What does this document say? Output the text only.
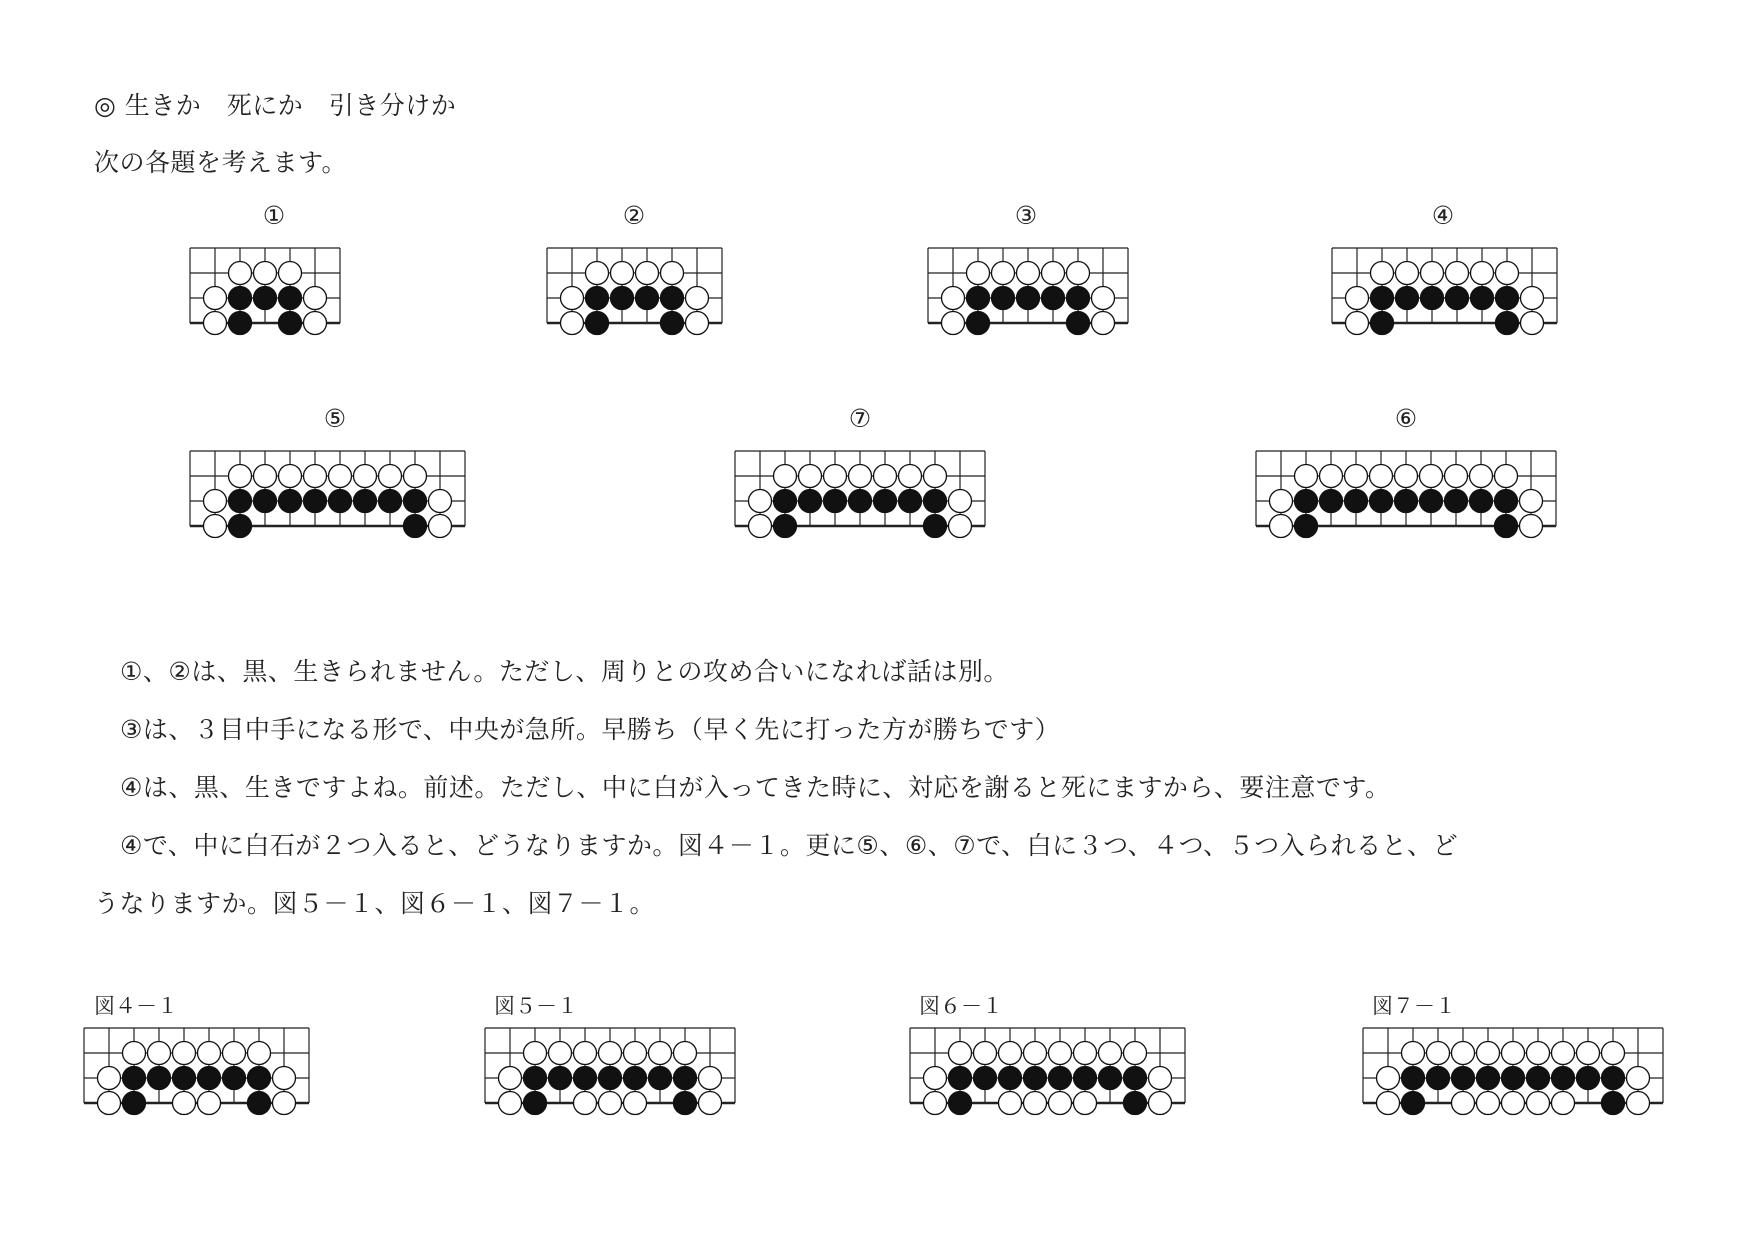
◎ 生きか　死にか　引き分けか
次の各題を考えます。
①	②	③	④
⑤	⑦	⑥
①、②は、黒、生きられません。ただし、周りとの攻め合いになれば話は別。
③は、３目中手になる形で、中央が急所。早勝ち（早く先に打った方が勝ちです）
④は、黒、生きですよね。前述。ただし、中に白が入ってきた時に、対応を謝ると死にますから、要注意です。
④で、中に白石が２つ入ると、どうなりますか。図４－１。更に⑤、⑥、⑦で、白に３つ、４つ、５つ入られると、ど
うなりますか。図５－１、図６－１、図７－１。
図４－１	図５－１	図６－１	図７－１
